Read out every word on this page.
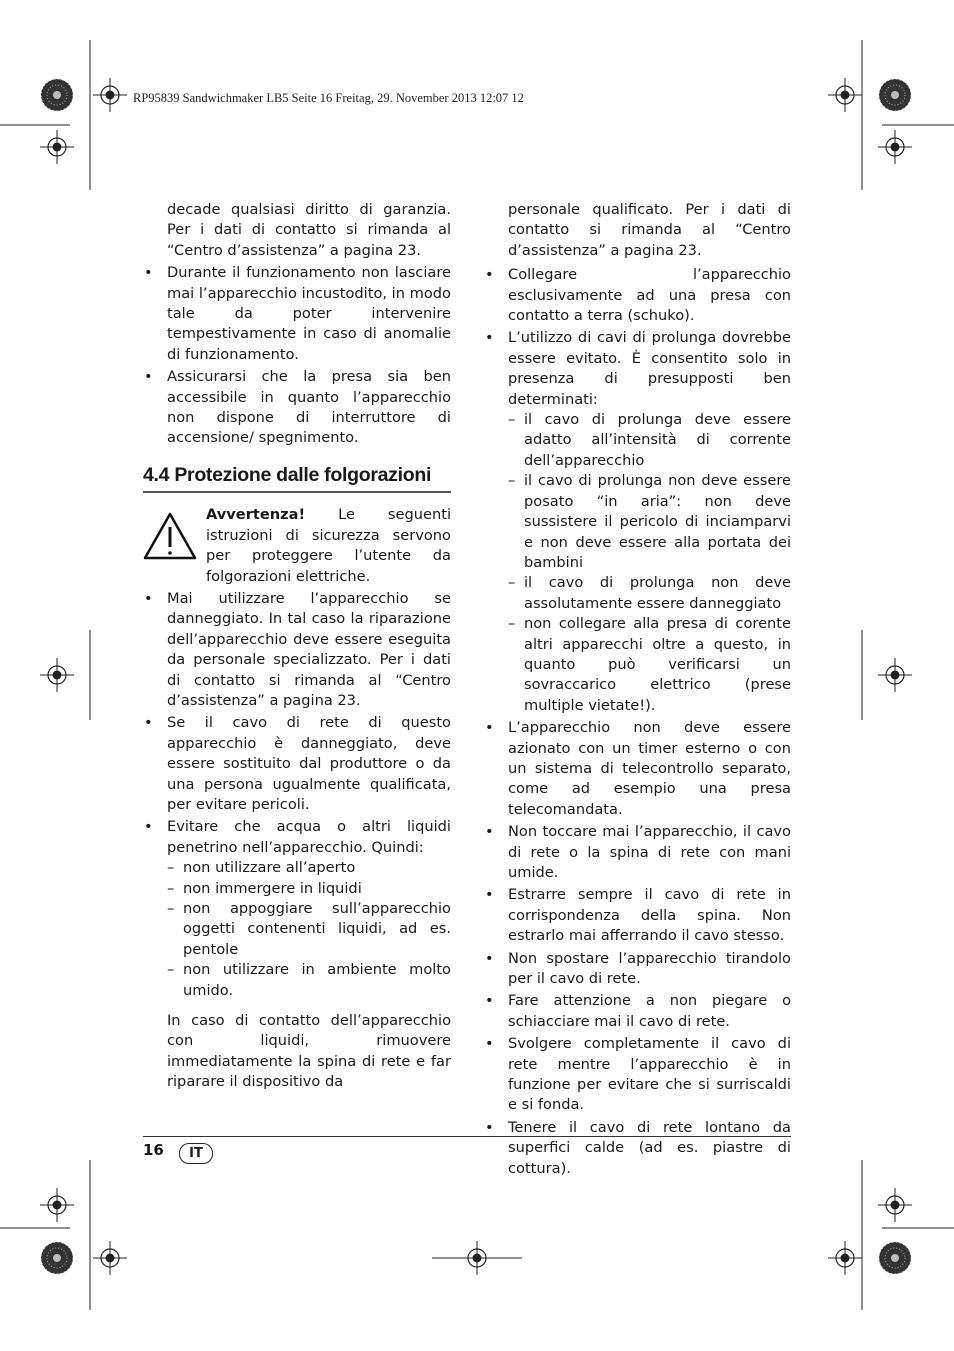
RP95839 Sandwichmaker LB5 Seite 16 Freitag, 29. November 2013 12:07 12

decade qualsiasi diritto di garanzia. Per i dati di contatto si rimanda al “Centro d’assistenza” a pagina 23.

• Durante il funzionamento non lasciare mai l’apparecchio incustodito, in modo tale da poter intervenire tempestivamente in caso di anomalie di funzionamento.
• Assicurarsi che la presa sia ben accessibile in quanto l’apparecchio non dispone di interruttore di accensione/ spegnimento.
4.4 Protezione dalle folgorazioni
Avvertenza! Le seguenti istruzioni di sicurezza servono per proteggere l’utente da folgorazioni elettriche.
• Mai utilizzare l’apparecchio se danneggiato. In tal caso la riparazione dell’apparecchio deve essere eseguita da personale specializzato. Per i dati di contatto si rimanda al “Centro d’assistenza” a pagina 23.
• Se il cavo di rete di questo apparecchio è danneggiato, deve essere sostituito dal produttore o da una persona ugualmente qualificata, per evitare pericoli.
• Evitare che acqua o altri liquidi penetrino nell’apparecchio. Quindi:
– non utilizzare all’aperto
– non immergere in liquidi
– non appoggiare sull’apparecchio oggetti contenenti liquidi, ad es. pentole
– non utilizzare in ambiente molto umido.

In caso di contatto dell’apparecchio con liquidi, rimuovere immediatamente la spina di rete e far riparare il dispositivo da

personale qualificato. Per i dati di contatto si rimanda al “Centro d’assistenza” a pagina 23.

• Collegare l’apparecchio esclusivamente ad una presa con contatto a terra (schuko).
• L’utilizzo di cavi di prolunga dovrebbe essere evitato. È consentito solo in presenza di presupposti ben determinati:
– il cavo di prolunga deve essere adatto all’intensità di corrente dell’apparecchio
– il cavo di prolunga non deve essere posato “in aria”: non deve sussistere il pericolo di inciamparvi e non deve essere alla portata dei bambini
– il cavo di prolunga non deve assolutamente essere danneggiato
– non collegare alla presa di corente altri apparecchi oltre a questo, in quanto può verificarsi un sovraccarico elettrico (prese multiple vietate!).
• L’apparecchio non deve essere azionato con un timer esterno o con un sistema di telecontrollo separato, come ad esempio una presa telecomandata.
• Non toccare mai l’apparecchio, il cavo di rete o la spina di rete con mani umide.
• Estrarre sempre il cavo di rete in corrispondenza della spina. Non estrarlo mai afferrando il cavo stesso.
• Non spostare l’apparecchio tirandolo per il cavo di rete.
• Fare attenzione a non piegare o schiacciare mai il cavo di rete.
• Svolgere completamente il cavo di rete mentre l’apparecchio è in funzione per evitare che si surriscaldi e si fonda.
• Tenere il cavo di rete lontano da superfici calde (ad es. piastre di cottura).
16	IT
